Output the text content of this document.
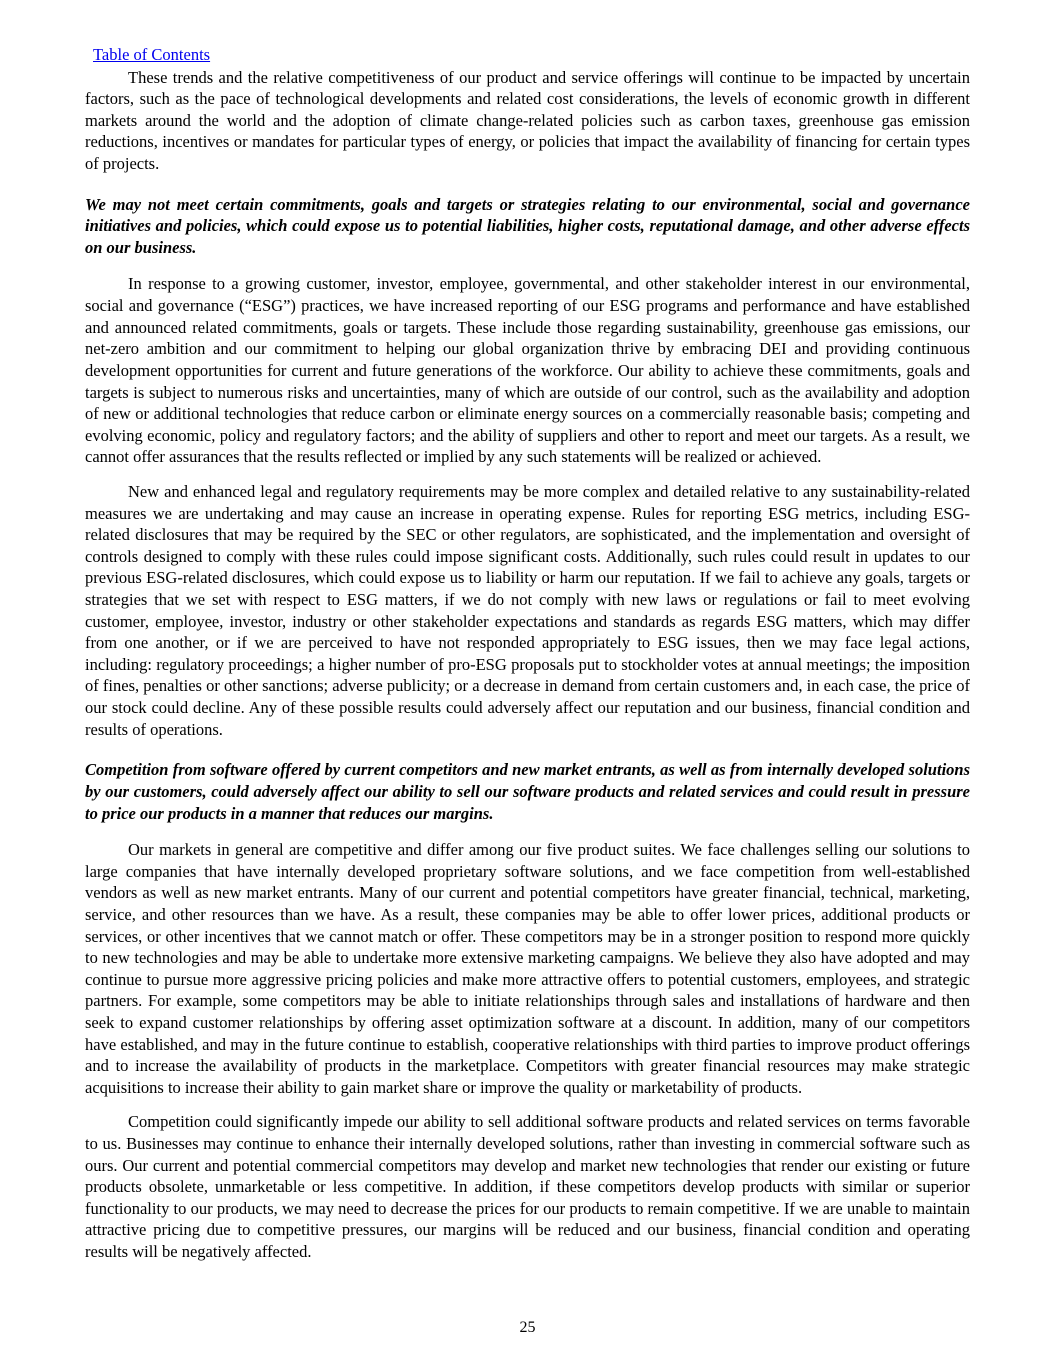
Table of Contents

These trends and the relative competitiveness of our product and service offerings will continue to be impacted by uncertain factors, such as the pace of technological developments and related cost considerations, the levels of economic growth in different markets around the world and the adoption of climate change-related policies such as carbon taxes, greenhouse gas emission reductions, incentives or mandates for particular types of energy, or policies that impact the availability of financing for certain types of projects.

We may not meet certain commitments, goals and targets or strategies relating to our environmental, social and governance initiatives and policies, which could expose us to potential liabilities, higher costs, reputational damage, and other adverse effects on our business.

In response to a growing customer, investor, employee, governmental, and other stakeholder interest in our environmental, social and governance (“ESG”) practices, we have increased reporting of our ESG programs and performance and have established and announced related commitments, goals or targets. These include those regarding sustainability, greenhouse gas emissions, our net-zero ambition and our commitment to helping our global organization thrive by embracing DEI and providing continuous development opportunities for current and future generations of the workforce. Our ability to achieve these commitments, goals and targets is subject to numerous risks and uncertainties, many of which are outside of our control, such as the availability and adoption of new or additional technologies that reduce carbon or eliminate energy sources on a commercially reasonable basis; competing and evolving economic, policy and regulatory factors; and the ability of suppliers and other to report and meet our targets. As a result, we cannot offer assurances that the results reflected or implied by any such statements will be realized or achieved.

New and enhanced legal and regulatory requirements may be more complex and detailed relative to any sustainability-related measures we are undertaking and may cause an increase in operating expense. Rules for reporting ESG metrics, including ESG-related disclosures that may be required by the SEC or other regulators, are sophisticated, and the implementation and oversight of controls designed to comply with these rules could impose significant costs. Additionally, such rules could result in updates to our previous ESG-related disclosures, which could expose us to liability or harm our reputation. If we fail to achieve any goals, targets or strategies that we set with respect to ESG matters, if we do not comply with new laws or regulations or fail to meet evolving customer, employee, investor, industry or other stakeholder expectations and standards as regards ESG matters, which may differ from one another, or if we are perceived to have not responded appropriately to ESG issues, then we may face legal actions, including: regulatory proceedings; a higher number of pro-ESG proposals put to stockholder votes at annual meetings; the imposition of fines, penalties or other sanctions; adverse publicity; or a decrease in demand from certain customers and, in each case, the price of our stock could decline. Any of these possible results could adversely affect our reputation and our business, financial condition and results of operations.

Competition from software offered by current competitors and new market entrants, as well as from internally developed solutions by our customers, could adversely affect our ability to sell our software products and related services and could result in pressure to price our products in a manner that reduces our margins.

Our markets in general are competitive and differ among our five product suites. We face challenges selling our solutions to large companies that have internally developed proprietary software solutions, and we face competition from well-established vendors as well as new market entrants. Many of our current and potential competitors have greater financial, technical, marketing, service, and other resources than we have. As a result, these companies may be able to offer lower prices, additional products or services, or other incentives that we cannot match or offer. These competitors may be in a stronger position to respond more quickly to new technologies and may be able to undertake more extensive marketing campaigns. We believe they also have adopted and may continue to pursue more aggressive pricing policies and make more attractive offers to potential customers, employees, and strategic partners. For example, some competitors may be able to initiate relationships through sales and installations of hardware and then seek to expand customer relationships by offering asset optimization software at a discount. In addition, many of our competitors have established, and may in the future continue to establish, cooperative relationships with third parties to improve product offerings and to increase the availability of products in the marketplace. Competitors with greater financial resources may make strategic acquisitions to increase their ability to gain market share or improve the quality or marketability of products.

Competition could significantly impede our ability to sell additional software products and related services on terms favorable to us. Businesses may continue to enhance their internally developed solutions, rather than investing in commercial software such as ours. Our current and potential commercial competitors may develop and market new technologies that render our existing or future products obsolete, unmarketable or less competitive. In addition, if these competitors develop products with similar or superior functionality to our products, we may need to decrease the prices for our products to remain competitive. If we are unable to maintain attractive pricing due to competitive pressures, our margins will be reduced and our business, financial condition and operating results will be negatively affected.

25
